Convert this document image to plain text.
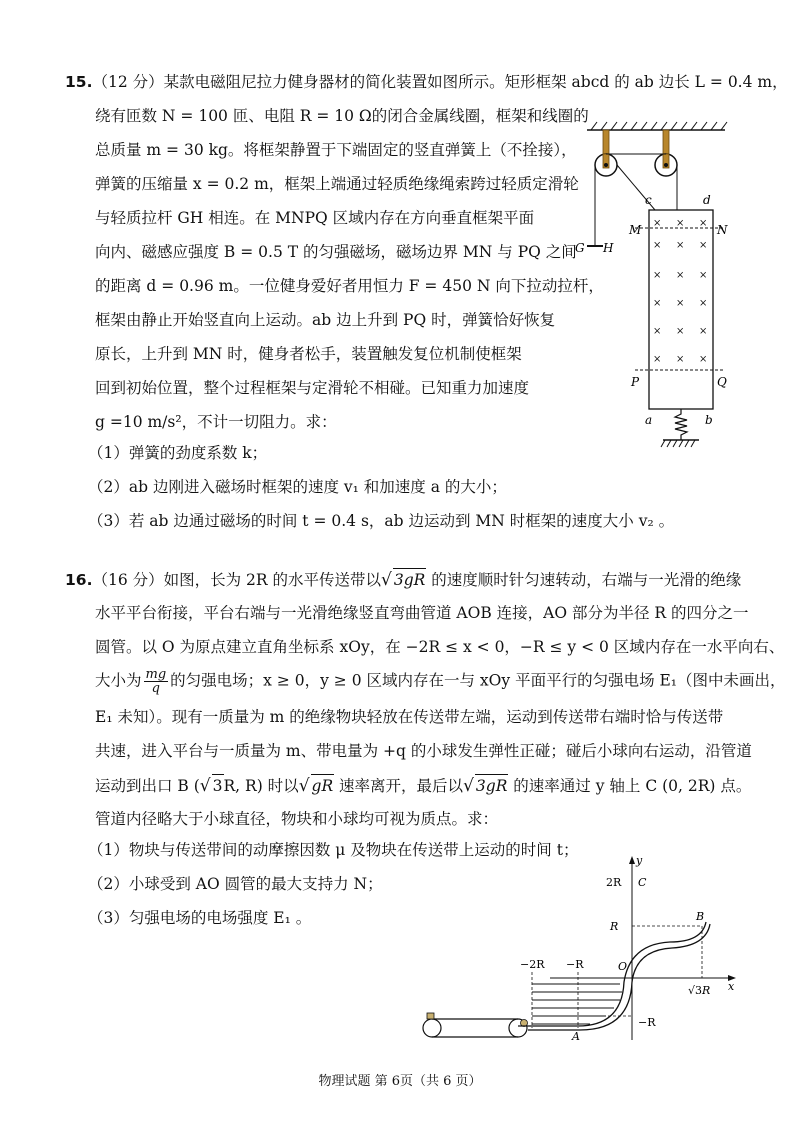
15.（12 分）某款电磁阻尼拉力健身器材的简化装置如图所示。矩形框架 abcd 的 ab 边长 L = 0.4 m，
绕有匝数 N = 100 匝、电阻 R = 10 Ω的闭合金属线圈，框架和线圈的
总质量 m = 30 kg。将框架静置于下端固定的竖直弹簧上（不拴接），
弹簧的压缩量 x = 0.2 m，框架上端通过轻质绝缘绳索跨过轻质定滑轮
与轻质拉杆 GH 相连。在 MNPQ 区域内存在方向垂直框架平面
向内、磁感应强度 B = 0.5 T 的匀强磁场，磁场边界 MN 与 PQ 之间
的距离 d = 0.96 m。一位健身爱好者用恒力 F = 450 N 向下拉动拉杆，
框架由静止开始竖直向上运动。ab 边上升到 PQ 时，弹簧恰好恢复
原长，上升到 MN 时，健身者松手，装置触发复位机制使框架
回到初始位置，整个过程框架与定滑轮不相碰。已知重力加速度
g =10 m/s²，不计一切阻力。求：
（1）弹簧的劲度系数 k；
（2）ab 边刚进入磁场时框架的速度 v₁ 和加速度 a 的大小；
（3）若 ab 边通过磁场的时间 t = 0.4 s，ab 边运动到 MN 时框架的速度大小 v₂ 。
G H
c	d
M	N
P	Q
× × ×
× × ×
× × ×
× × ×
× × ×
× × ×
a	b
16.（16 分）如图，长为 2R 的水平传送带以√ 3gR 的速度顺时针匀速转动，右端与一光滑的绝缘
水平平台衔接，平台右端与一光滑绝缘竖直弯曲管道 AOB 连接，AO 部分为半径 R 的四分之一
圆管。以 O 为原点建立直角坐标系 xOy，在 −2R ≤ x < 0，−R ≤ y < 0 区域内存在一水平向右、
大小为 $\frac{mg}{q}$ 的匀强电场；x ≥ 0，y ≥ 0 区域内存在一与 xOy 平面平行的匀强电场 E₁（图中未画出，
E₁ 未知）。现有一质量为 m 的绝缘物块轻放在传送带左端，运动到传送带右端时恰与传送带
共速，进入平台与一质量为 m、带电量为 +q 的小球发生弹性正碰；碰后小球向右运动，沿管道
运动到出口 B (√ 3R, R) 时以√ gR 速率离开，最后以√ 3gR 的速率通过 y 轴上 C (0, 2R) 点。
管道内径略大于小球直径，物块和小球均可视为质点。求：
（1）物块与传送带间的动摩擦因数 μ 及物块在传送带上运动的时间 t；
（2）小球受到 AO 圆管的最大支持力 N；
（3）匀强电场的电场强度 E₁ 。
y
x
2R C
R
B
−2R −R	O
√3R
−R
A
物理试题 第 6页（共 6 页）
